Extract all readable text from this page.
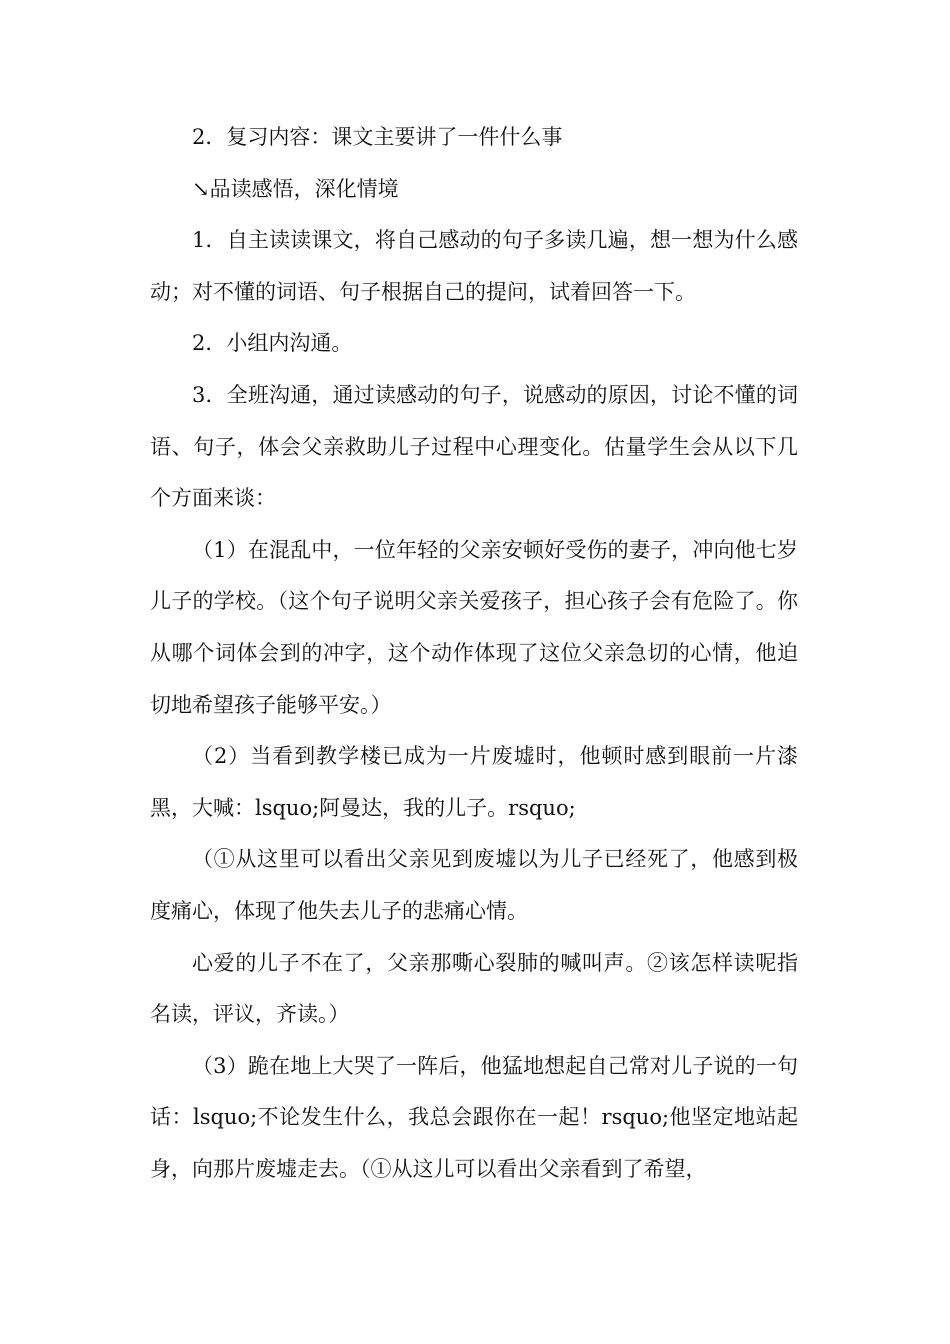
2．复习内容：课文主要讲了一件什么事

↘品读感悟，深化情境

1．自主读读课文，将自己感动的句子多读几遍，想一想为什么感动；对不懂的词语、句子根据自己的提问，试着回答一下。

2．小组内沟通。

3．全班沟通，通过读感动的句子，说感动的原因，讨论不懂的词语、句子，体会父亲救助儿子过程中心理变化。估量学生会从以下几个方面来谈：

（1）在混乱中，一位年轻的父亲安顿好受伤的妻子，冲向他七岁儿子的学校。（这个句子说明父亲关爱孩子，担心孩子会有危险了。你从哪个词体会到的冲字，这个动作体现了这位父亲急切的心情，他迫切地希望孩子能够平安。）

（2）当看到教学楼已成为一片废墟时，他顿时感到眼前一片漆黑，大喊：lsquo;阿曼达，我的儿子。rsquo;

（①从这里可以看出父亲见到废墟以为儿子已经死了，他感到极度痛心，体现了他失去儿子的悲痛心情。

心爱的儿子不在了，父亲那嘶心裂肺的喊叫声。②该怎样读呢指名读，评议，齐读。）

（3）跪在地上大哭了一阵后，他猛地想起自己常对儿子说的一句话：lsquo;不论发生什么，我总会跟你在一起！rsquo;他坚定地站起身，向那片废墟走去。（①从这儿可以看出父亲看到了希望，
